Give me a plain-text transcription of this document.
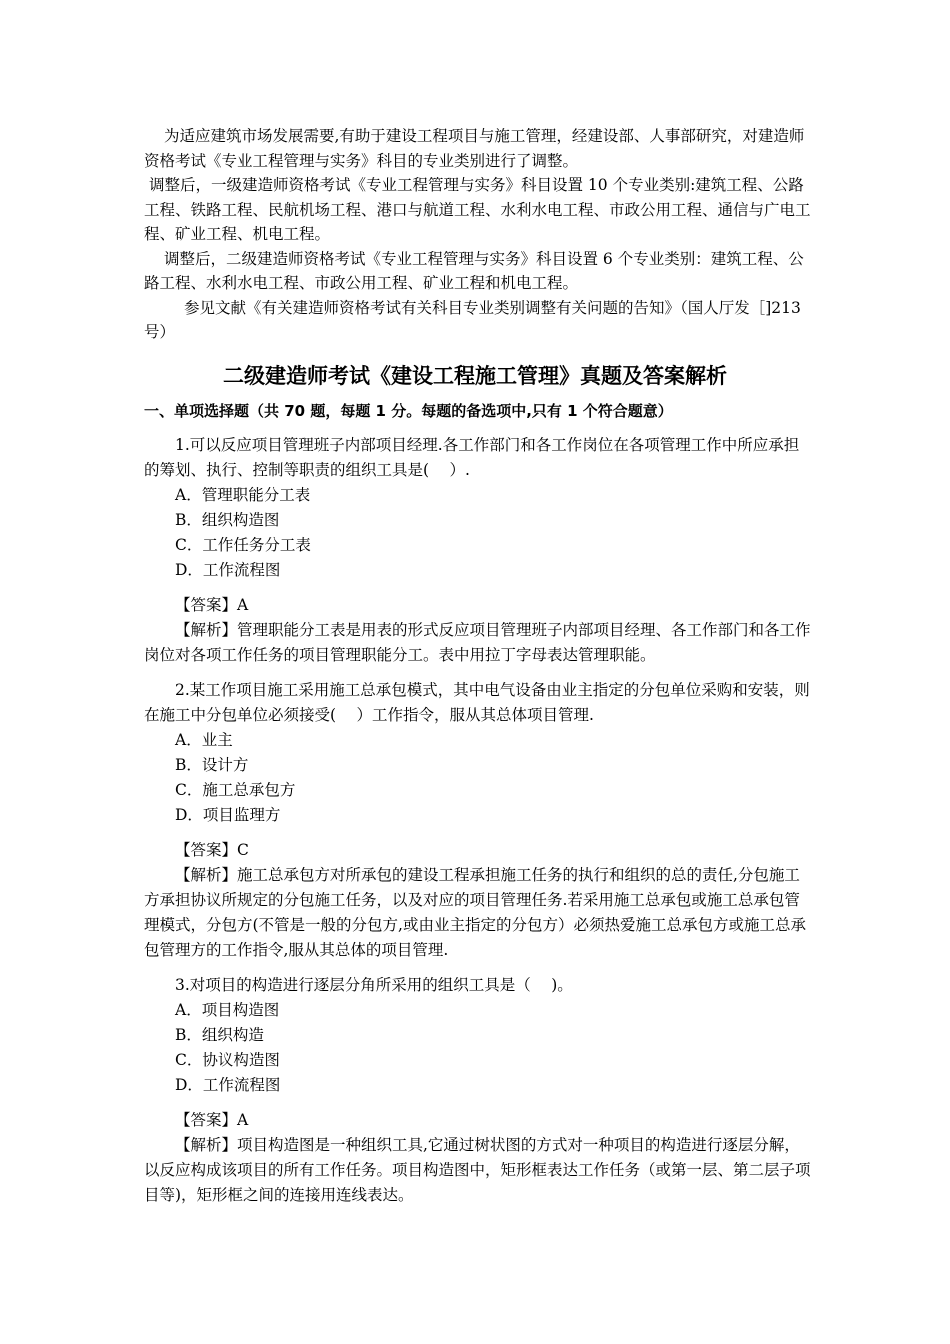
为适应建筑市场发展需要,有助于建设工程项目与施工管理，经建设部、人事部研究，对建造师资格考试《专业工程管理与实务》科目的专业类别进行了调整。

调整后，一级建造师资格考试《专业工程管理与实务》科目设置 10 个专业类别:建筑工程、公路工程、铁路工程、民航机场工程、港口与航道工程、水利水电工程、市政公用工程、通信与广电工程、矿业工程、机电工程。

调整后，二级建造师资格考试《专业工程管理与实务》科目设置 6 个专业类别：建筑工程、公路工程、水利水电工程、市政公用工程、矿业工程和机电工程。

参见文献《有关建造师资格考试有关科目专业类别调整有关问题的告知》（国人厅发［]213 号）

二级建造师考试《建设工程施工管理》真题及答案解析

一、单项选择题（共 70 题，每题 1 分。每题的备选项中,只有 1 个符合题意）

1.可以反应项目管理班子内部项目经理.各工作部门和各工作岗位在各项管理工作中所应承担的筹划、执行、控制等职责的组织工具是(　 ）.

A．管理职能分工表

B．组织构造图

C．工作任务分工表

D．工作流程图

【答案】A

【解析】管理职能分工表是用表的形式反应项目管理班子内部项目经理、各工作部门和各工作岗位对各项工作任务的项目管理职能分工。表中用拉丁字母表达管理职能。

2.某工作项目施工采用施工总承包模式，其中电气设备由业主指定的分包单位采购和安装，则在施工中分包单位必须接受(　 ）工作指令，服从其总体项目管理.

A．业主

B．设计方

C．施工总承包方

D．项目监理方

【答案】C

【解析】施工总承包方对所承包的建设工程承担施工任务的执行和组织的总的责任,分包施工方承担协议所规定的分包施工任务，以及对应的项目管理任务.若采用施工总承包或施工总承包管理模式，分包方(不管是一般的分包方,或由业主指定的分包方）必须热爱施工总承包方或施工总承包管理方的工作指令,服从其总体的项目管理.

3.对项目的构造进行逐层分角所采用的组织工具是（　 )。

A．项目构造图

B．组织构造

C．协议构造图

D．工作流程图

【答案】A

【解析】项目构造图是一种组织工具,它通过树状图的方式对一种项目的构造进行逐层分解，以反应构成该项目的所有工作任务。项目构造图中，矩形框表达工作任务（或第一层、第二层子项目等)，矩形框之间的连接用连线表达。
